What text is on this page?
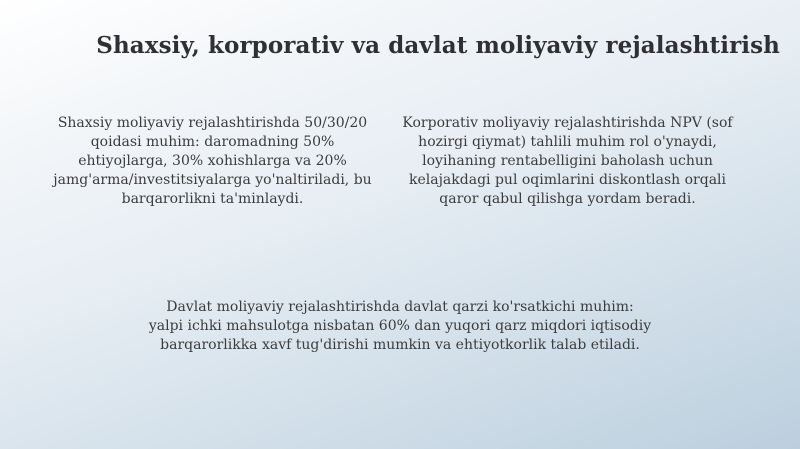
Shaxsiy, korporativ va davlat moliyaviy rejalashtirish
Shaxsiy moliyaviy rejalashtirishda 50/30/20
qoidasi muhim: daromadning 50%
ehtiyojlarga, 30% xohishlarga va 20%
jamg'arma/investitsiyalarga yo'naltiriladi, bu
barqarorlikni ta'minlaydi.
Korporativ moliyaviy rejalashtirishda NPV (sof
hozirgi qiymat) tahlili muhim rol o'ynaydi,
loyihaning rentabelligini baholash uchun
kelajakdagi pul oqimlarini diskontlash orqali
qaror qabul qilishga yordam beradi.
Davlat moliyaviy rejalashtirishda davlat qarzi ko'rsatkichi muhim:
yalpi ichki mahsulotga nisbatan 60% dan yuqori qarz miqdori iqtisodiy
barqarorlikka xavf tug'dirishi mumkin va ehtiyotkorlik talab etiladi.
